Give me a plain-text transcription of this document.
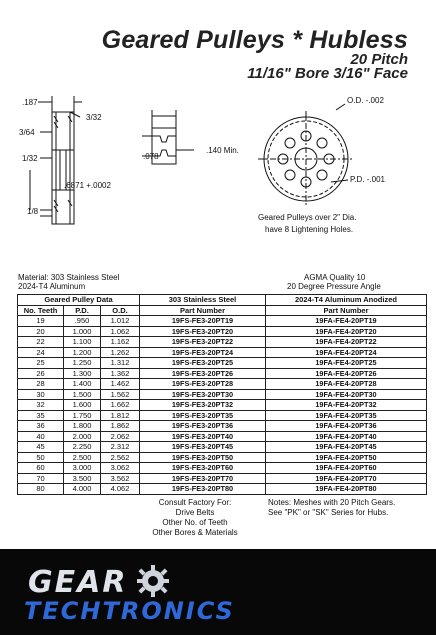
Geared Pulleys * Hubless
20 Pitch
11/16" Bore 3/16" Face
.187
3/32
3/64
1/32
.6871 +.0002
1/8
.078
.140 Min.
O.D. -.002
P.D. -.001
Geared Pulleys over 2" Dia.
have 8 Lightening Holes.
Material: 303 Stainless Steel
2024-T4 Aluminum
AGMA Quality 10
20 Degree Pressure Angle
Geared Pulley Data			303 Stainless Steel	2024-T4 Aluminum Anodized
No. Teeth	P.D.	O.D.	Part Number	Part Number
19	.950	1.012	19FS-FE3-20PT19	19FA-FE4-20PT19
20	1.000	1.062	19FS-FE3-20PT20	19FA-FE4-20PT20
22	1.100	1.162	19FS-FE3-20PT22	19FA-FE4-20PT22
24	1.200	1.262	19FS-FE3-20PT24	19FA-FE4-20PT24
25	1.250	1.312	19FS-FE3-20PT25	19FA-FE4-20PT25
26	1.300	1.362	19FS-FE3-20PT26	19FA-FE4-20PT26
28	1.400	1.462	19FS-FE3-20PT28	19FA-FE4-20PT28
30	1.500	1.562	19FS-FE3-20PT30	19FA-FE4-20PT30
32	1.600	1.662	19FS-FE3-20PT32	19FA-FE4-20PT32
35	1.750	1.812	19FS-FE3-20PT35	19FA-FE4-20PT35
36	1.800	1.862	19FS-FE3-20PT36	19FA-FE4-20PT36
40	2.000	2.062	19FS-FE3-20PT40	19FA-FE4-20PT40
45	2.250	2.312	19FS-FE3-20PT45	19FA-FE4-20PT45
50	2.500	2.562	19FS-FE3-20PT50	19FA-FE4-20PT50
60	3.000	3.062	19FS-FE3-20PT60	19FA-FE4-20PT60
70	3.500	3.562	19FS-FE3-20PT70	19FA-FE4-20PT70
80	4.000	4.062	19FS-FE3-20PT80	19FA-FE4-20PT80
Consult Factory For:
Drive Belts
Other No. of Teeth
Other Bores & Materials
Notes: Meshes with 20 Pitch Gears.
See "PK" or "SK" Series for Hubs.
GEAR
TECHTRONICS
